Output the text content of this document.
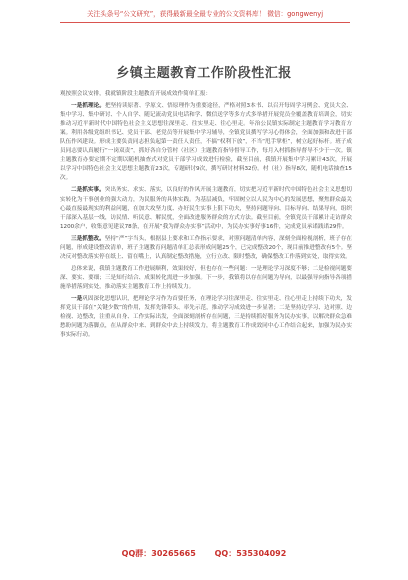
关注头条号“公文研究”，获得最新最全最专业的公文资料库！ 微信：gongwenyj
乡镇主题教育工作阶段性汇报

观按照会议安排，我就镇阶段主题教育开展成效作简单汇报：

一是抓理论。把坚持读原著、学原文、悟原理作为重要途径，严格对照3本书、以召开每周学习例会、党员大会、集中学习、集中研讨、个人自学、随记流动党员电话和学、微信送学等多方式多举措开展党员全覆盖教育培训会，切实推动习近平新时代中国特色社会主义思想往深里走、往实里走、往心里走。年治公民镇实际制定主题教育学习教育方案。利用各级党组织书记、党员干部、老党员等开展集中学习辅导，全镇党员撰写学习心得体会，全面加强和改进干部队伍作风建设。形成主要负责同志担负起第一责任人责任，不搞“权利下放”，不当“甩手掌柜”，树立起好标杆。班子成员同志要认真履行“一岗双责”，抓好各自分管村（社区）主题教育指导督导工作，每月入村抓指导督导不少于一次。镇主题教育办要定期不定期以随机抽查式对党员干部学习成效进行检验，截至目前，我镇开展集中学习累计43次，开展以学习中国特色社会主义思想主题教育23次，专题研讨9次，撰写研讨材料32份。村（社）指导8次，随机电话抽查15次。

二是抓实事。突出务实、求实、落实，以良好的作风开展主题教育，切实把习近平新时代中国特色社会主义思想切实转化为干事创业的强大动力，为民服务的具体实践。为基层减负，牢固树立以人民为中心的发展思想，聚焦群众最关心最直接最现实的利益问题，在加大攻坚力度、办好民生实事上狠下功夫，坚持问题导向、目标导向、结果导向，组织干部深入基层一线，访民情、听民意、解民忧，全面改进服务群众的方式方法。截至目前，全镇党员干部累计走访群众1200余户，收集意见建议78条，在开展“我为群众办实事”活动中，为民办实事好事16件，完成党员承诺践诺29件。

三是抓整改。坚持“严”字当头，根据县上要求和工作指示要求，对照问题清单内容，深刻全面检视剖析，班子存在问题，形成建设整改清单，班子主题教育问题清单汇总表形成问题25个，已完成整改20个，现目前推进整改有5个。坚决反对整改落实停在纸上、留在嘴上，认真制定整改措施，立行立改、限时整改，确保整改工作落到实处，取得实效。

总体来说，我镇主题教育工作进展顺利，效果较好，但也存在一些问题：一是理论学习深度不够；二是检视问题要深、要实、要细；三是知行结合、成果转化需进一步加强。下一步，我镇将以存在问题为导向，以最强导向指导各项措施举措落到实处，推动落实主题教育工作上持续发力。

一是巩固深化思想认识，把理论学习作为首要任务，在理论学习往深里走、往实里走、往心里走上持续下功夫，发挥党员干部在“关键少数”的作用，发挥先锋带头、率先示范，推动学习成效进一步显著；二是坚持边学习、边对照、边检视、边整改，注重从自身、工作实际出发，全面深刻剖析存在问题，三是持续抓好服务为民办实事，以解决群众急难愁盼问题为落脚点，在从群众中来、到群众中去上持续发力，将主题教育工作成效同中心工作结合起来，加强为民办实事实际行动。

QQ群：30265665 QQ：535304092
